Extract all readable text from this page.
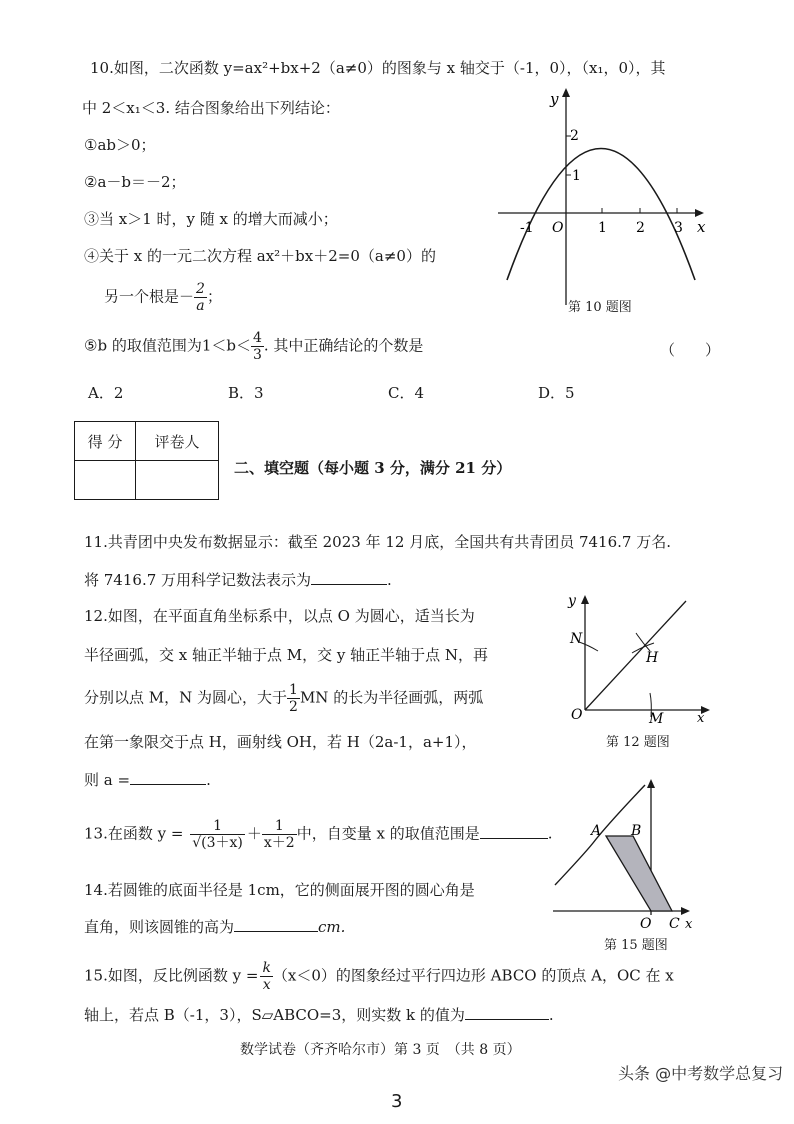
10.如图，二次函数 y=ax²+bx+2（a≠0）的图象与 x 轴交于（-1，0），（x₁，0），其
中 2＜x₁＜3. 结合图象给出下列结论：
①ab＞0；
②a－b＝－2；
③当 x＞1 时，y 随 x 的增大而减小；
④关于 x 的一元二次方程 ax²＋bx＋2=0（a≠0）的
另一个根是－ $\frac{2}{a}$ ；
⑤b 的取值范围为$1<b< \frac{4}{3}$ . 其中正确结论的个数是	（　　）
A．2	B．3	C．4	D．5
y
x
O
2
1
-1	1 2 3
第 10 题图
得 分	评卷人

二、填空题（每小题 3 分，满分 21 分）
11.共青团中央发布数据显示：截至 2023 年 12 月底，全国共有共青团员 7416.7 万名.
将 7416.7 万用科学记数法表示为	.
12.如图，在平面直角坐标系中，以点 O 为圆心，适当长为
半径画弧，交 x 轴正半轴于点 M，交 y 轴正半轴于点 N，再
分别以点 M，N 为圆心，大于 $\frac{1}{2}$ MN 的长为半径画弧，两弧
在第一象限交于点 H，画射线 OH，若 H（2a-1，a+1），
则 a =	.
y
x
O
N
H
M
第 12 题图
13.在函数 $y = \frac{1}{√(3+x)} + \frac{1}{x+2}$ 中，自变量 x 的取值范围是	.
14.若圆锥的底面半径是 1cm，它的侧面展开图的圆心角是
直角，则该圆锥的高为	cm.
A B
O C x
第 15 题图
15.如图，反比例函数 $y = \frac{k}{x} (x<0)$的图象经过平行四边形 ABCO 的顶点 A，OC 在 x
轴上，若点 B（-1，3），S▱ABCO=3，则实数 k 的值为	.
数学试卷（齐齐哈尔市）第 3 页　（共 8 页）
头条 @中考数学总复习
3
